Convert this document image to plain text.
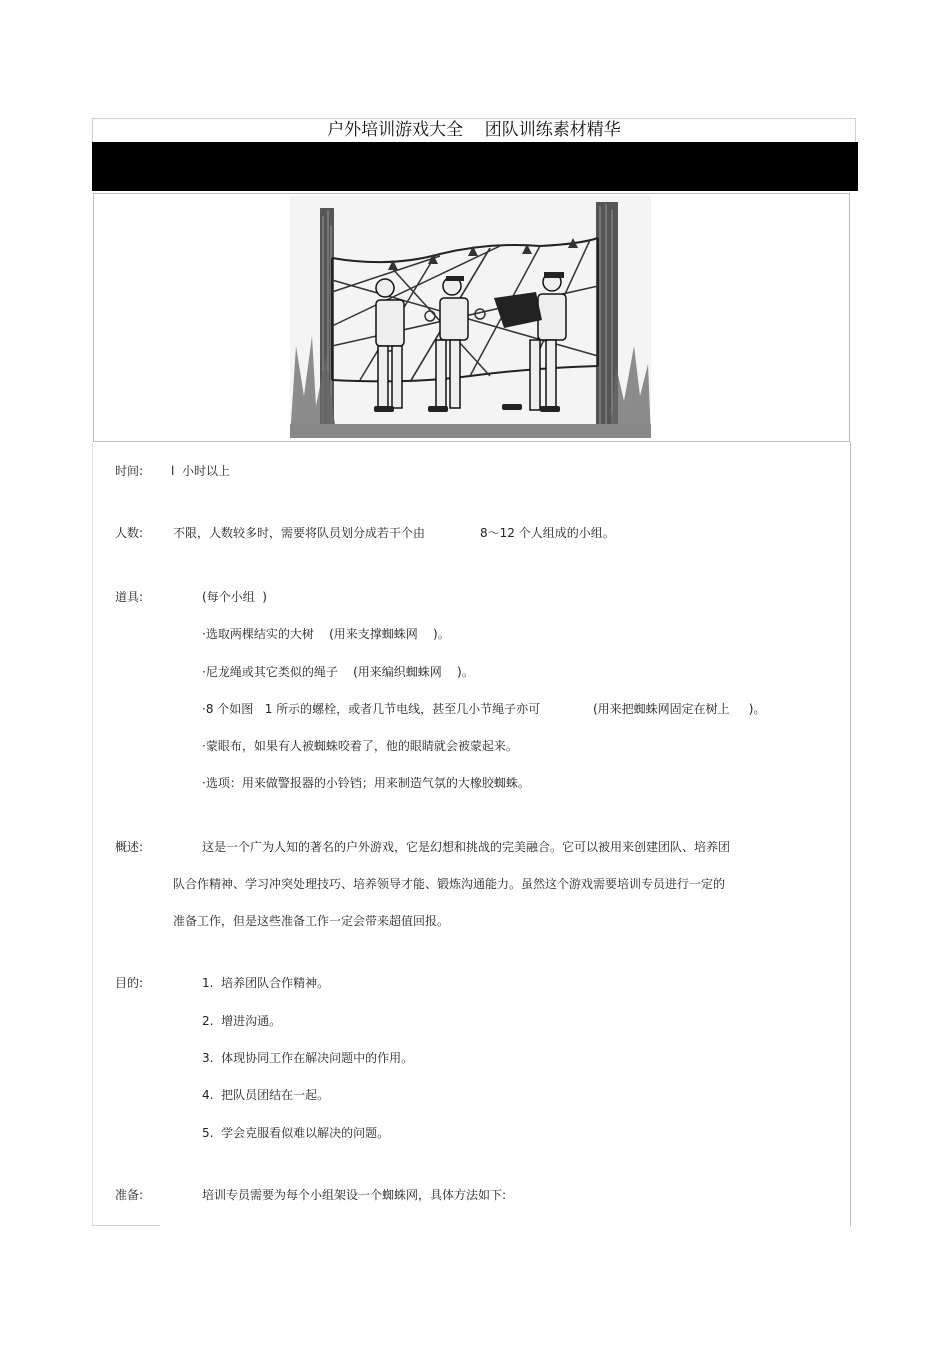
户外培训游戏大全    团队训练素材精华
时间: l  小时以上
人数: 不限，人数较多时，需要将队员划分成若干个由	8～12 个人组成的小组。
道具:	(每个小组  )
·选取两棵结实的大树    (用来支撑蜘蛛网    )。
·尼龙绳或其它类似的绳子    (用来编织蜘蛛网    )。
·8 个如图   1 所示的螺栓，或者几节电线，甚至几小节绳子亦可	(用来把蜘蛛网固定在树上     )。
·蒙眼布，如果有人被蜘蛛咬着了，他的眼睛就会被蒙起来。
·选项：用来做警报器的小铃铛；用来制造气氛的大橡胶蜘蛛。
概述:	这是一个广为人知的著名的户外游戏，它是幻想和挑战的完美融合。它可以被用来创建团队、培养团
队合作精神、学习冲突处理技巧、培养领导才能、锻炼沟通能力。虽然这个游戏需要培训专员进行一定的
准备工作，但是这些准备工作一定会带来超值回报。
目的:	1.  培养团队合作精神。
2.  增进沟通。
3.  体现协同工作在解决问题中的作用。
4.  把队员团结在一起。
5.  学会克服看似难以解决的问题。
准备:	培训专员需要为每个小组架设一个蜘蛛网，具体方法如下:
